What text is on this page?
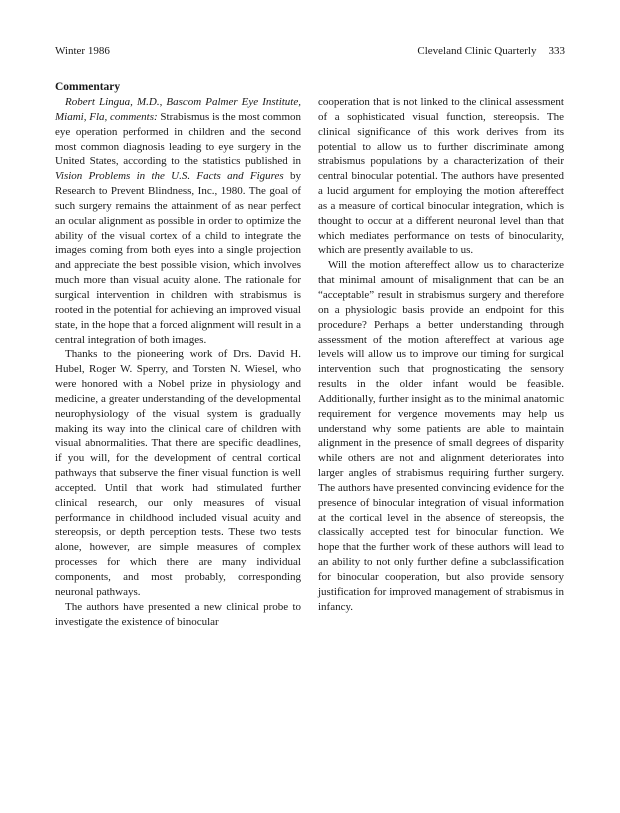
Winter 1986	Cleveland Clinic Quarterly 333
Commentary

Robert Lingua, M.D., Bascom Palmer Eye Institute, Miami, Fla, comments: Strabismus is the most common eye operation performed in children and the second most common diagnosis leading to eye surgery in the United States, according to the statistics published in Vision Problems in the U.S. Facts and Figures by Research to Prevent Blindness, Inc., 1980. The goal of such surgery remains the attainment of as near perfect an ocular alignment as possible in order to optimize the ability of the visual cortex of a child to integrate the images coming from both eyes into a single projection and appreciate the best possible vision, which involves much more than visual acuity alone. The rationale for surgical intervention in children with strabismus is rooted in the potential for achieving an improved visual state, in the hope that a forced alignment will result in a central integration of both images.

Thanks to the pioneering work of Drs. David H. Hubel, Roger W. Sperry, and Torsten N. Wiesel, who were honored with a Nobel prize in physiology and medicine, a greater understanding of the developmental neurophysiology of the visual system is gradually making its way into the clinical care of children with visual abnormalities. That there are specific deadlines, if you will, for the development of central cortical pathways that subserve the finer visual function is well accepted. Until that work had stimulated further clinical research, our only measures of visual performance in childhood included visual acuity and stereopsis, or depth perception tests. These two tests alone, however, are simple measures of complex processes for which there are many individual components, and most probably, corresponding neuronal pathways.

The authors have presented a new clinical probe to investigate the existence of binocular

cooperation that is not linked to the clinical assessment of a sophisticated visual function, stereopsis. The clinical significance of this work derives from its potential to allow us to further discriminate among strabismus populations by a characterization of their central binocular potential. The authors have presented a lucid argument for employing the motion aftereffect as a measure of cortical binocular integration, which is thought to occur at a different neuronal level than that which mediates performance on tests of binocularity, which are presently available to us.

Will the motion aftereffect allow us to characterize that minimal amount of misalignment that can be an “acceptable” result in strabismus surgery and therefore on a physiologic basis provide an endpoint for this procedure? Perhaps a better understanding through assessment of the motion aftereffect at various age levels will allow us to improve our timing for surgical intervention such that prognosticating the sensory results in the older infant would be feasible. Additionally, further insight as to the minimal anatomic requirement for vergence movements may help us understand why some patients are able to maintain alignment in the presence of small degrees of disparity while others are not and alignment deteriorates into larger angles of strabismus requiring further surgery. The authors have presented convincing evidence for the presence of binocular integration of visual information at the cortical level in the absence of stereopsis, the classically accepted test for binocular function. We hope that the further work of these authors will lead to an ability to not only further define a subclassification for binocular cooperation, but also provide sensory justification for improved management of strabismus in infancy.
